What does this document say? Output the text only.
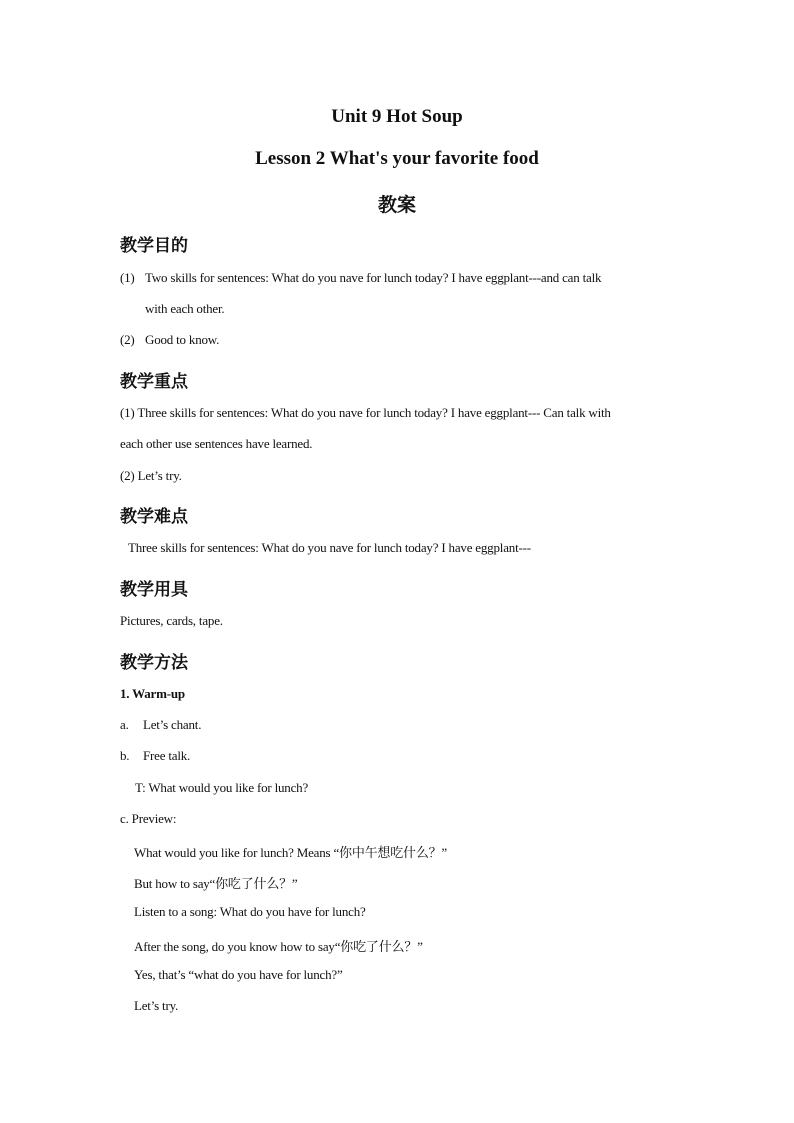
Unit 9 Hot Soup
Lesson 2 What's your favorite food
教案
教学目的
(1) Two skills for sentences: What do you nave for lunch today? I have eggplant---and can talk
with each other.
(2) Good to know.
教学重点
(1) Three skills for sentences: What do you nave for lunch today? I have eggplant--- Can talk with
each other use sentences have learned.
(2) Let’s try.
教学难点
Three skills for sentences: What do you nave for lunch today? I have eggplant---
教学用具
Pictures, cards, tape.
教学方法
1. Warm-up
a. Let’s chant.
b. Free talk.
T: What would you like for lunch?
c. Preview:
What would you like for lunch? Means “你中午想吃什么？”
But how to say“你吃了什么？”
Listen to a song: What do you have for lunch?
After the song, do you know how to say“你吃了什么？”
Yes, that’s “what do you have for lunch?”
Let’s try.
